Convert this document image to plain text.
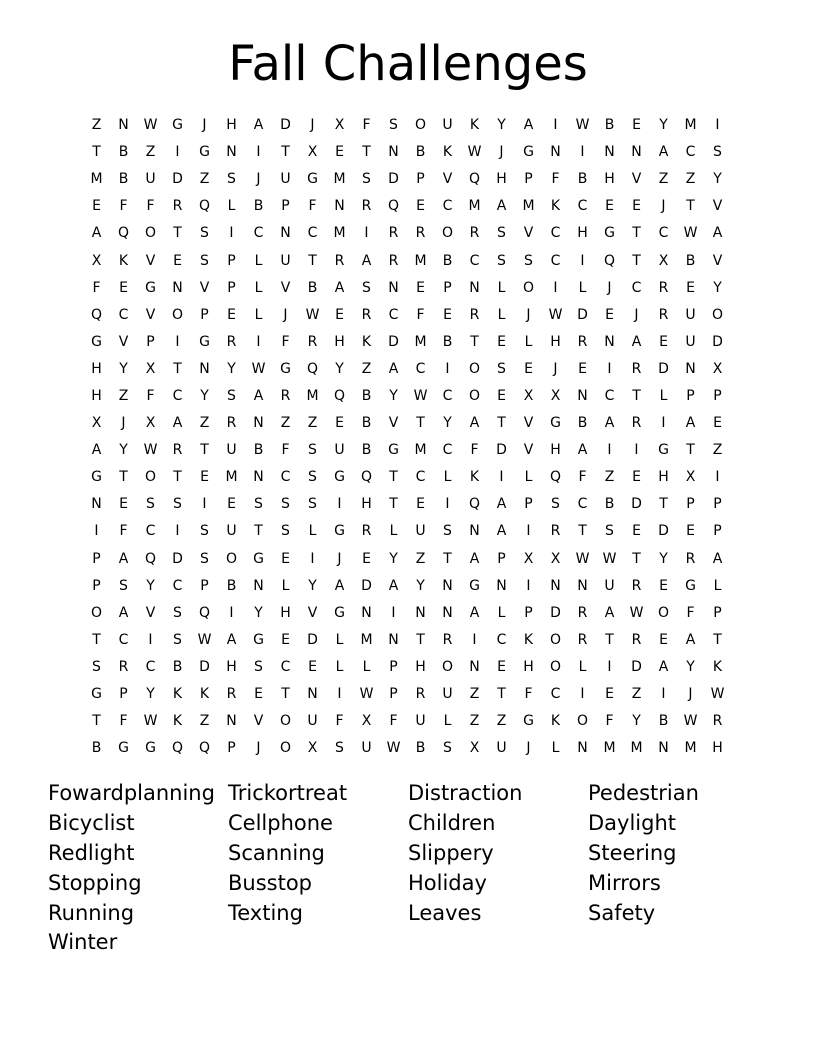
Fall Challenges
Z	N	W	G	J	H	A	D	J	X	F	S	O	U	K	Y	A	I	W	B	E	Y	M	I
T	B	Z	I	G	N	I	T	X	E	T	N	B	K	W	J	G	N	I	N	N	A	C	S
M	B	U	D	Z	S	J	U	G	M	S	D	P	V	Q	H	P	F	B	H	V	Z	Z	Y
E	F	F	R	Q	L	B	P	F	N	R	Q	E	C	M	A	M	K	C	E	E	J	T	V
A	Q	O	T	S	I	C	N	C	M	I	R	R	O	R	S	V	C	H	G	T	C	W	A
X	K	V	E	S	P	L	U	T	R	A	R	M	B	C	S	S	C	I	Q	T	X	B	V
F	E	G	N	V	P	L	V	B	A	S	N	E	P	N	L	O	I	L	J	C	R	E	Y
Q	C	V	O	P	E	L	J	W	E	R	C	F	E	R	L	J	W	D	E	J	R	U	O
G	V	P	I	G	R	I	F	R	H	K	D	M	B	T	E	L	H	R	N	A	E	U	D
H	Y	X	T	N	Y	W	G	Q	Y	Z	A	C	I	O	S	E	J	E	I	R	D	N	X
H	Z	F	C	Y	S	A	R	M	Q	B	Y	W	C	O	E	X	X	N	C	T	L	P	P
X	J	X	A	Z	R	N	Z	Z	E	B	V	T	Y	A	T	V	G	B	A	R	I	A	E
A	Y	W	R	T	U	B	F	S	U	B	G	M	C	F	D	V	H	A	I	I	G	T	Z
G	T	O	T	E	M	N	C	S	G	Q	T	C	L	K	I	L	Q	F	Z	E	H	X	I
N	E	S	S	I	E	S	S	S	I	H	T	E	I	Q	A	P	S	C	B	D	T	P	P
I	F	C	I	S	U	T	S	L	G	R	L	U	S	N	A	I	R	T	S	E	D	E	P
P	A	Q	D	S	O	G	E	I	J	E	Y	Z	T	A	P	X	X	W W	T	Y	R	A
P	S	Y	C	P	B	N	L	Y	A	D	A	Y	N	G	N	I	N	N	U	R	E	G	L
O	A	V	S	Q	I	Y	H	V	G	N	I	N	N	A	L	P	D	R	A	W	O	F	P
T	C	I	S	W	A	G	E	D	L	M	N	T	R	I	C	K	O	R	T	R	E	A	T
S	R	C	B	D	H	S	C	E	L	L	P	H	O	N	E	H	O	L	I	D	A	Y	K
G	P	Y	K	K	R	E	T	N	I	W	P	R	U	Z	T	F	C	I	E	Z	I	J	W
T	F	W	K	Z	N	V	O	U	F	X	F	U	L	Z	Z	G	K	O	F	Y	B	W	R
B	G	G	Q	Q	P	J	O	X	S	U	W	B	S	X	U	J	L	N	M	M	N	M	H
Fowardplanning Trickortreat	Distraction	Pedestrian
Bicyclist	Cellphone	Children	Daylight
Redlight	Scanning	Slippery	Steering
Stopping	Busstop	Holiday	Mirrors
Running	Texting	Leaves	Safety
Winter
